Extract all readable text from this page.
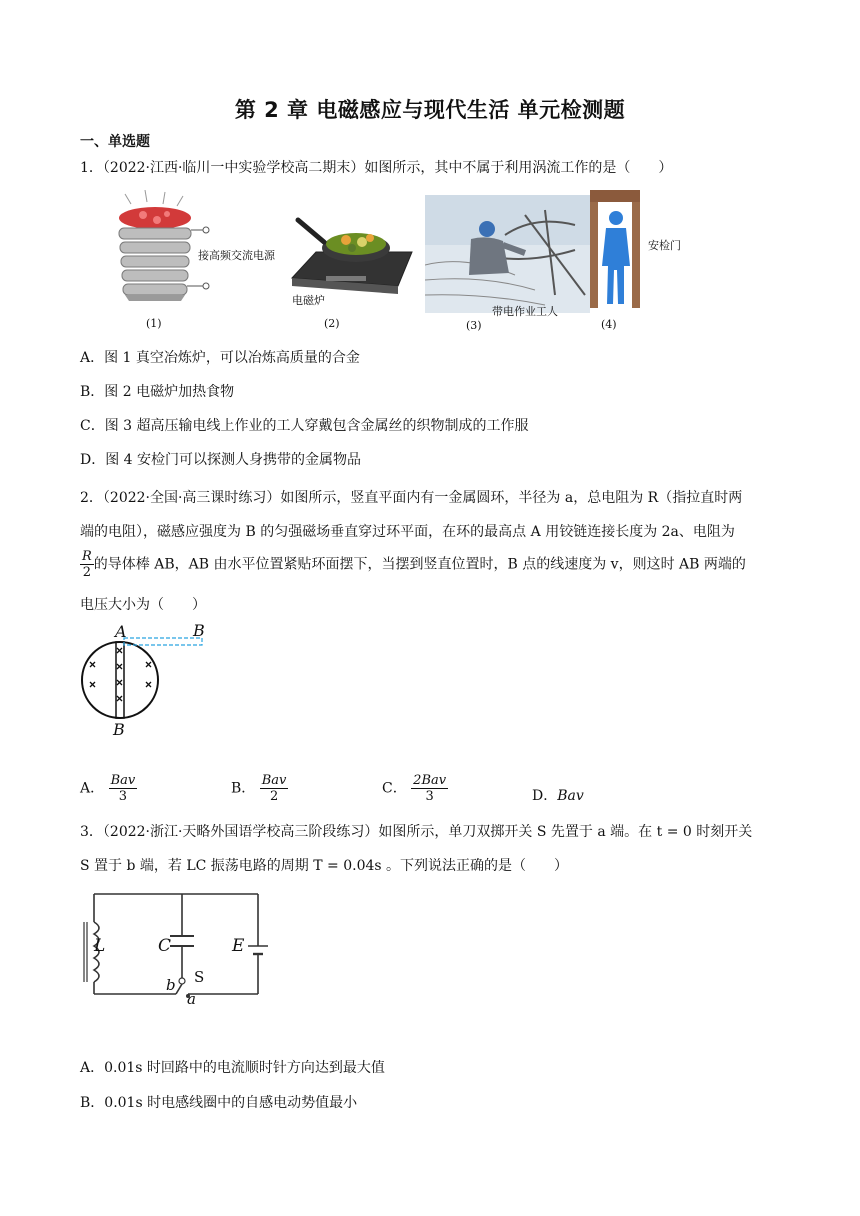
第 2 章 电磁感应与现代生活 单元检测题
一、单选题
1．（2022·江西·临川一中实验学校高二期末）如图所示，其中不属于利用涡流工作的是（　　）
接高频交流电源
(1)
电磁炉
(2)
带电作业工人
(3)
安检门
(4)
A．图 1 真空冶炼炉，可以冶炼高质量的合金
B．图 2 电磁炉加热食物
C．图 3 超高压输电线上作业的工人穿戴包含金属丝的织物制成的工作服
D．图 4 安检门可以探测人身携带的金属物品
2．（2022·全国·高三课时练习）如图所示，竖直平面内有一金属圆环，半径为 a，总电阻为 R（指拉直时两
端的电阻），磁感应强度为 B 的匀强磁场垂直穿过环平面，在环的最高点 A 用铰链连接长度为 2a、电阻为
$\frac{R}{2}$ 的导体棒 AB，AB 由水平位置紧贴环面摆下，当摆到竖直位置时，B 点的线速度为 v，则这时 AB 两端的
电压大小为（　　）
A	B
B
A． $\frac{\text{Bav}}{3}$	B． $\frac{\text{Bav}}{2}$	C． $\frac{\text{2Bav}}{3}$	D．Bav
3．（2022·浙江·天略外国语学校高三阶段练习）如图所示，单刀双掷开关 S 先置于 a 端。在 t = 0 时刻开关
S 置于 b 端，若 LC 振荡电路的周期 T = 0.04s 。下列说法正确的是（　　）
L	C	E
S
b
a
A．0.01s 时回路中的电流顺时针方向达到最大值
B．0.01s 时电感线圈中的自感电动势值最小
